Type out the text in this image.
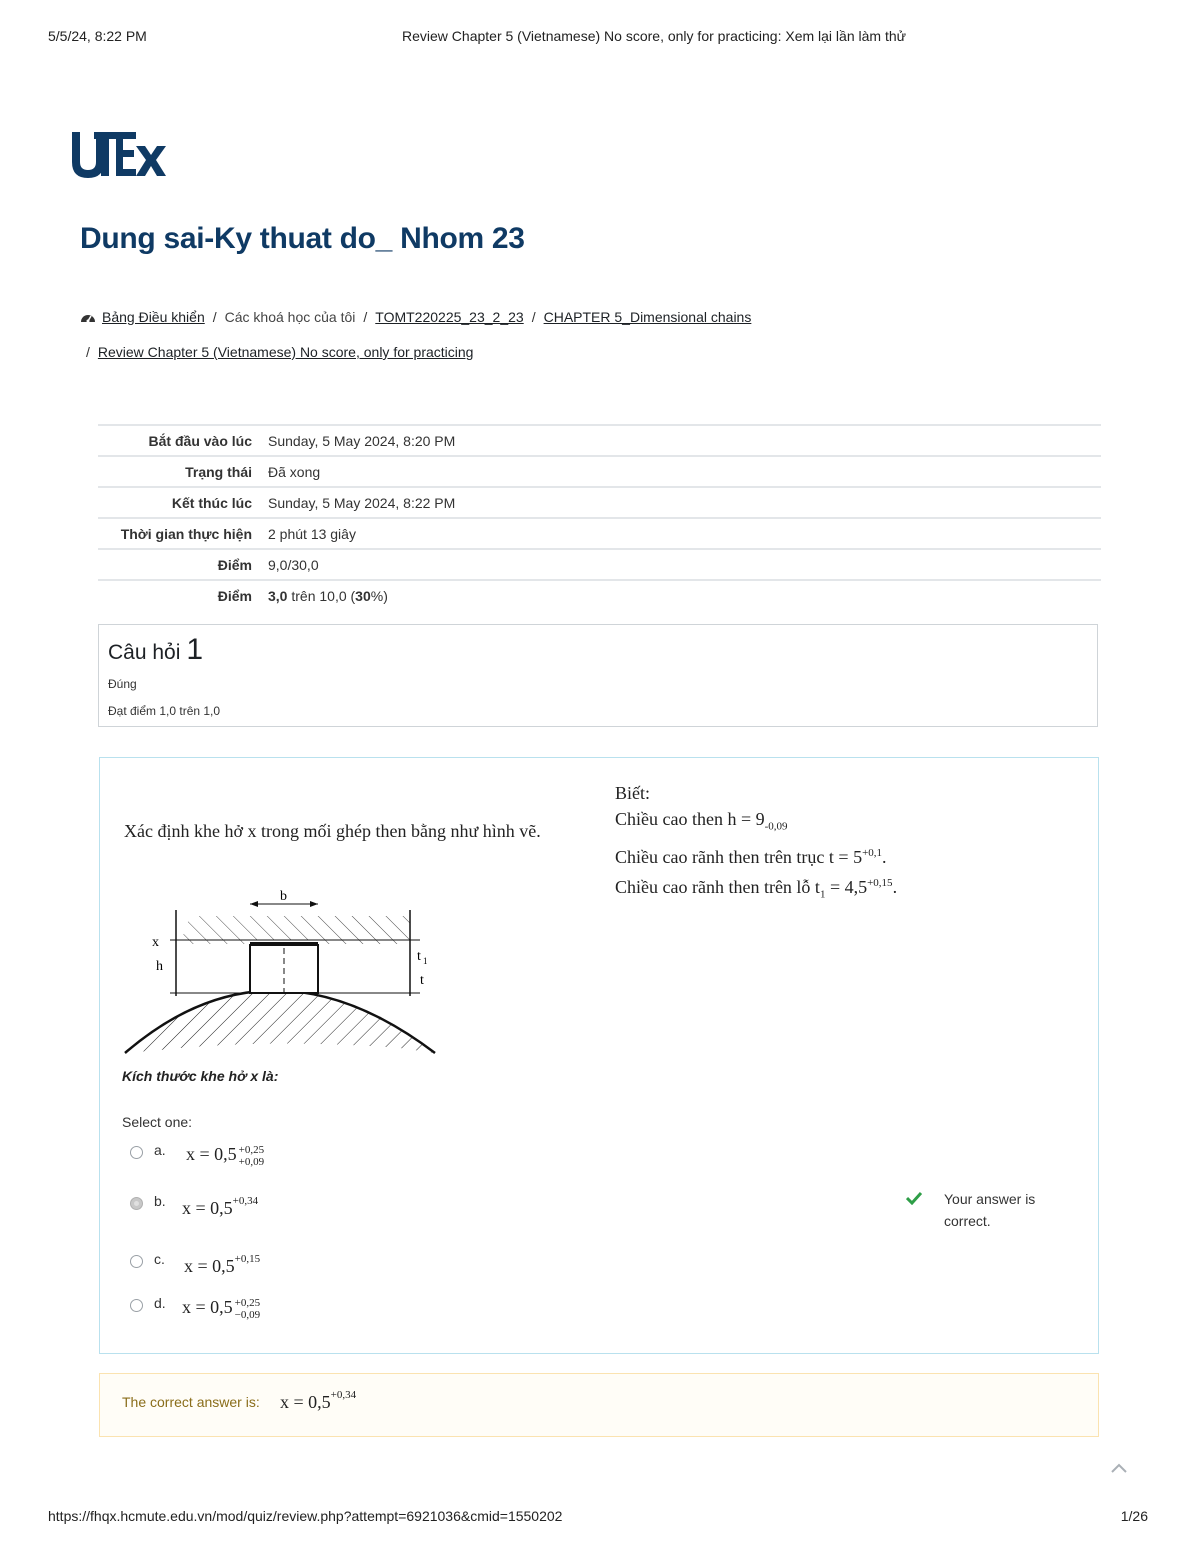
5/5/24, 8:22 PM	Review Chapter 5 (Vietnamese) No score, only for practicing: Xem lại lần làm thử
Dung sai-Ky thuat do_ Nhom 23
Bảng Điều khiển / Các khoá học của tôi / TOMT220225_23_2_23 / CHAPTER 5_Dimensional chains
/ Review Chapter 5 (Vietnamese) No score, only for practicing
Bắt đầu vào lúc	Sunday, 5 May 2024, 8:20 PM
Trạng thái	Đã xong
Kết thúc lúc	Sunday, 5 May 2024, 8:22 PM
Thời gian thực hiện	2 phút 13 giây
Điểm	9,0/30,0
Điểm	3,0 trên 10,0 (30%)
Câu hỏi 1
Đúng
Đạt điểm 1,0 trên 1,0
Xác định khe hở x trong mối ghép then bằng như hình vẽ.
Biết:
Chiều cao then $h = 9_{-0,09}$
Chiều cao rãnh then trên trục $t = 5^{+0,1}$.
Chiều cao rãnh then trên lỗ $t_1 = 4,5^{+0,15}$.
b
x
h
t 1
t
Kích thước khe hở x là:
Select one:
a. x = 0,5 +0,25
+0,09
b. $x = 0,5^{+0,34}$
c. $x = 0,5^{+0,15}$
d. x = 0,5 +0,25
−0,09
Your answer is correct.
The correct answer is: $x = 0,5^{+0,34}$
https://fhqx.hcmute.edu.vn/mod/quiz/review.php?attempt=6921036&cmid=1550202	1/26
